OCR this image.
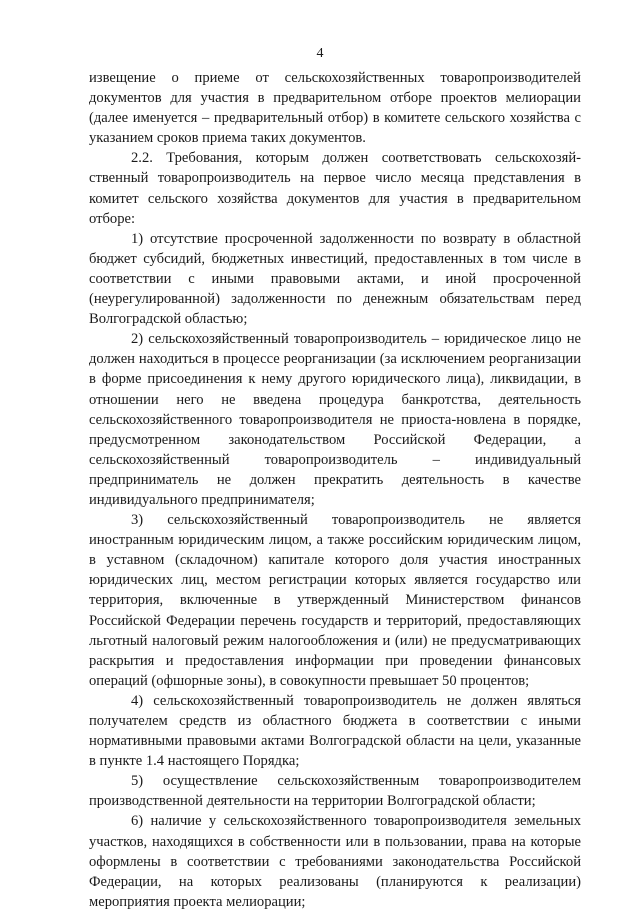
4

извещение о приеме от сельскохозяйственных товаропроизводителей документов для участия в предварительном отборе проектов мелиорации (далее именуется – предварительный отбор) в комитете сельского хозяйства с указанием сроков приема таких документов.

2.2. Требования, которым должен соответствовать сельскохозяй-ственный товаропроизводитель на первое число месяца представления в комитет сельского хозяйства документов для участия в предварительном отборе:

1) отсутствие просроченной задолженности по возврату в областной бюджет субсидий, бюджетных инвестиций, предоставленных в том числе в соответствии с иными правовыми актами, и иной просроченной (неурегулированной) задолженности по денежным обязательствам перед Волгоградской областью;

2) сельскохозяйственный товаропроизводитель – юридическое лицо не должен находиться в процессе реорганизации (за исключением реорганизации в форме присоединения к нему другого юридического лица), ликвидации, в отношении него не введена процедура банкротства, деятельность сельскохозяйственного товаропроизводителя не приоста-новлена в порядке, предусмотренном законодательством Российской Федерации, а сельскохозяйственный товаропроизводитель – индивидуальный предприниматель не должен прекратить деятельность в качестве индивидуального предпринимателя;

3) сельскохозяйственный товаропроизводитель не является иностранным юридическим лицом, а также российским юридическим лицом, в уставном (складочном) капитале которого доля участия иностранных юридических лиц, местом регистрации которых является государство или территория, включенные в утвержденный Министерством финансов Российской Федерации перечень государств и территорий, предоставляющих льготный налоговый режим налогообложения и (или) не предусматривающих раскрытия и предоставления информации при проведении финансовых операций (офшорные зоны), в совокупности превышает 50 процентов;

4) сельскохозяйственный товаропроизводитель не должен являться получателем средств из областного бюджета в соответствии с иными нормативными правовыми актами Волгоградской области на цели, указанные в пункте 1.4 настоящего Порядка;

5) осуществление сельскохозяйственным товаропроизводителем производственной деятельности на территории Волгоградской области;

6) наличие у сельскохозяйственного товаропроизводителя земельных участков, находящихся в собственности или в пользовании, права на которые оформлены в соответствии с требованиями законодательства Российской Федерации, на которых реализованы (планируются к реализации) мероприятия проекта мелиорации;
